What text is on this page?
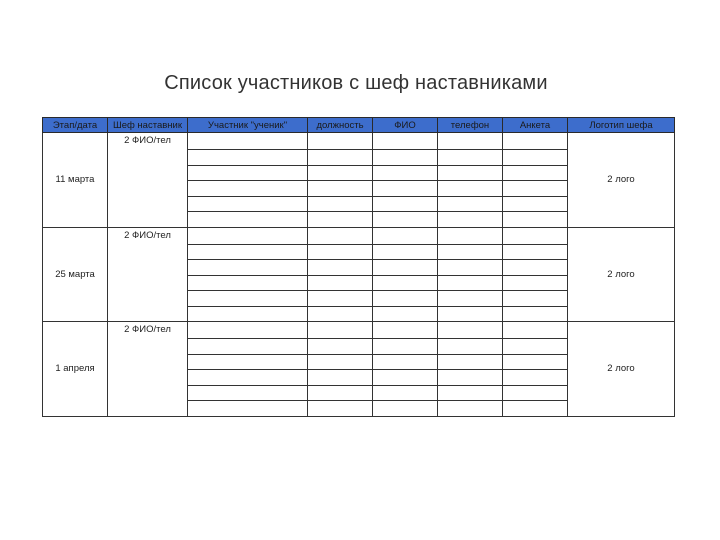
Список участников с шеф наставниками
Этап/дата	Шеф наставник	Участник "ученик"	должность	ФИО	телефон	Анкета	Логотип шефа
11 марта	2 ФИО/тел						2 лого

25 марта	2 ФИО/тел						2 лого

1 апреля	2 ФИО/тел						2 лого
